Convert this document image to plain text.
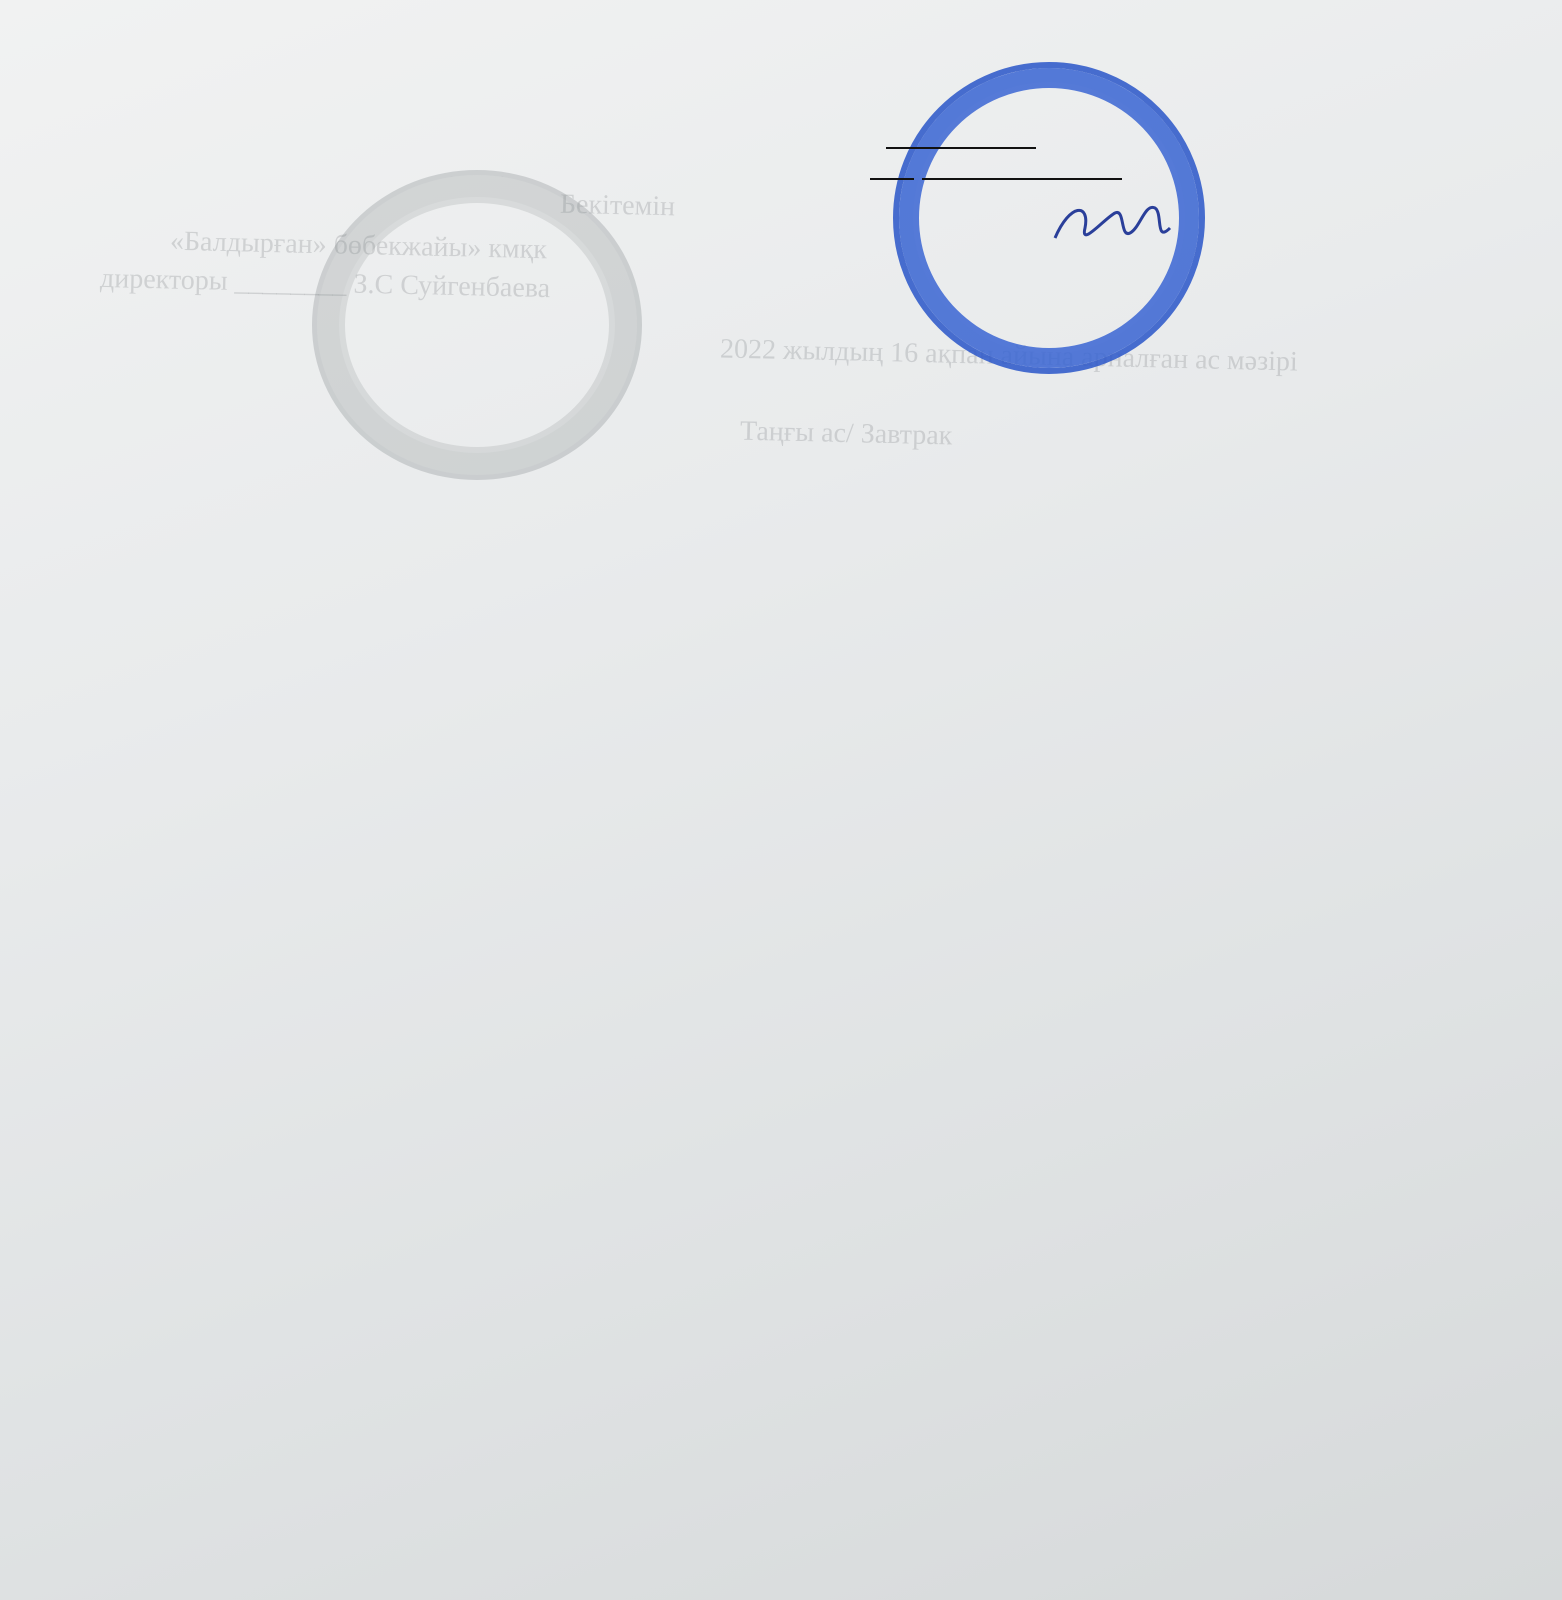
Бекітемін
«Балдырған» бөбекжайы» кмқк
директоры ________ З.С Суйгенбаева
2022 жылдың 16 ақпан айына арналған ас мәзірі
Таңғы ас/ Завтрак
